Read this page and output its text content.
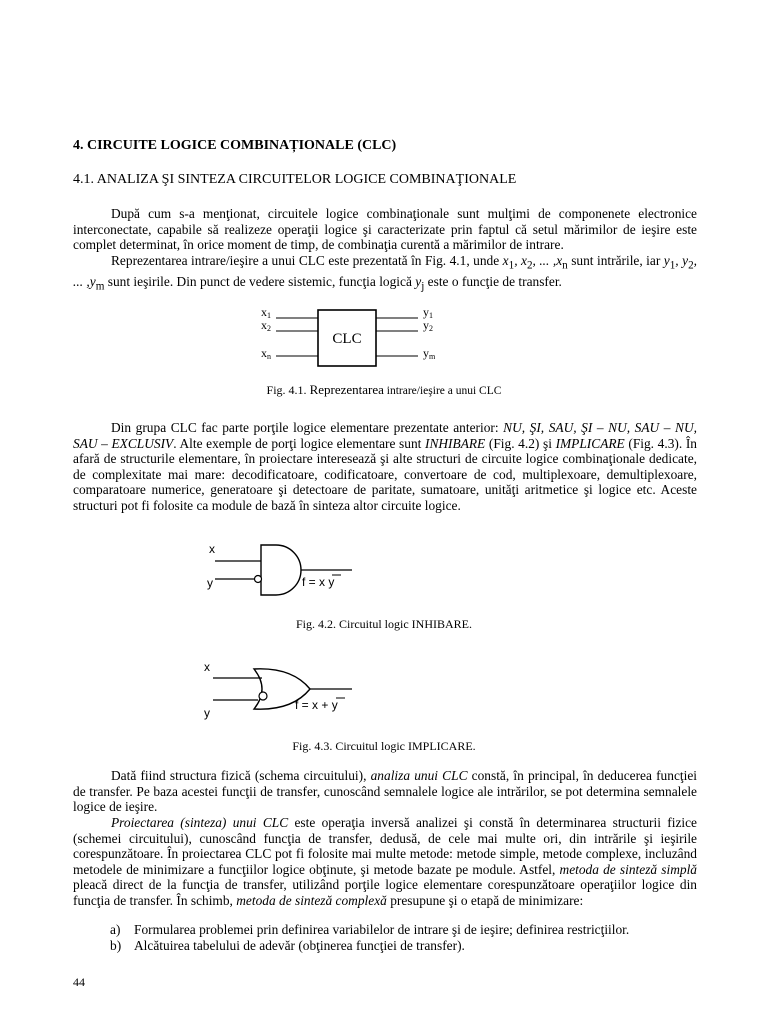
4. CIRCUITE LOGICE COMBINAȚIONALE (CLC)
4.1. ANALIZA ŞI SINTEZA CIRCUITELOR LOGICE COMBINAŢIONALE
După cum s-a menţionat, circuitele logice combinaţionale sunt mulţimi de componenete electronice interconectate, capabile să realizeze operaţii logice şi caracterizate prin faptul că setul mărimilor de ieşire este complet determinat, în orice moment de timp, de combinaţia curentă a mărimilor de intrare.
Reprezentarea intrare/ieşire a unui CLC este prezentată în Fig. 4.1, unde $x_1$, $x_2$, ... $,x_n$ sunt intrările, iar $y_1$, $y_2$, ... $,y_m$ sunt ieşirile. Din punct de vedere sistemic, funcţia logică $y_j$ este o funcţie de transfer.
CLC
x1
x2
xn
y1
y2
ym
x
y	f = x y
x
y
f = x + y
Fig. 4.1. Reprezentarea intrare/ieşire a unui CLC
Din grupa CLC fac parte porţile logice elementare prezentate anterior: NU, ŞI, SAU, ŞI – NU, SAU – NU, SAU – EXCLUSIV. Alte exemple de porţi logice elementare sunt INHIBARE (Fig. 4.2) şi IMPLICARE (Fig. 4.3). În afară de structurile elementare, în proiectare interesează şi alte structuri de circuite logice combinaţionale dedicate, de complexitate mai mare: decodificatoare, codificatoare, convertoare de cod, multiplexoare, demultiplexoare, comparatoare numerice, generatoare şi detectoare de paritate, sumatoare, unităţi aritmetice şi logice etc. Aceste structuri pot fi folosite ca module de bază în sinteza altor circuite logice.
Fig. 4.2. Circuitul logic INHIBARE.
Fig. 4.3. Circuitul logic IMPLICARE.
Dată fiind structura fizică (schema circuitului), analiza unui CLC constă, în principal, în deducerea funcţiei de transfer. Pe baza acestei funcţii de transfer, cunoscând semnalele logice ale intrărilor, se pot determina semnalele logice de ieşire.
Proiectarea (sinteza) unui CLC este operaţia inversă analizei şi constă în determinarea structurii fizice (schemei circuitului), cunoscând funcţia de transfer, dedusă, de cele mai multe ori, din intrările şi ieşirile corespunzătoare. În proiectarea CLC pot fi folosite mai multe metode: metode simple, metode complexe, incluzând metodele de minimizare a funcţiilor logice obţinute, şi metode bazate pe module. Astfel, metoda de sinteză simplă pleacă direct de la funcţia de transfer, utilizând porţile logice elementare corespunzătoare operaţiilor logice din funcţia de transfer. În schimb, metoda de sinteză complexă presupune şi o etapă de minimizare:
a) Formularea problemei prin definirea variabilelor de intrare şi de ieşire; definirea restricţiilor.
b) Alcătuirea tabelului de adevăr (obţinerea funcţiei de transfer).
44
